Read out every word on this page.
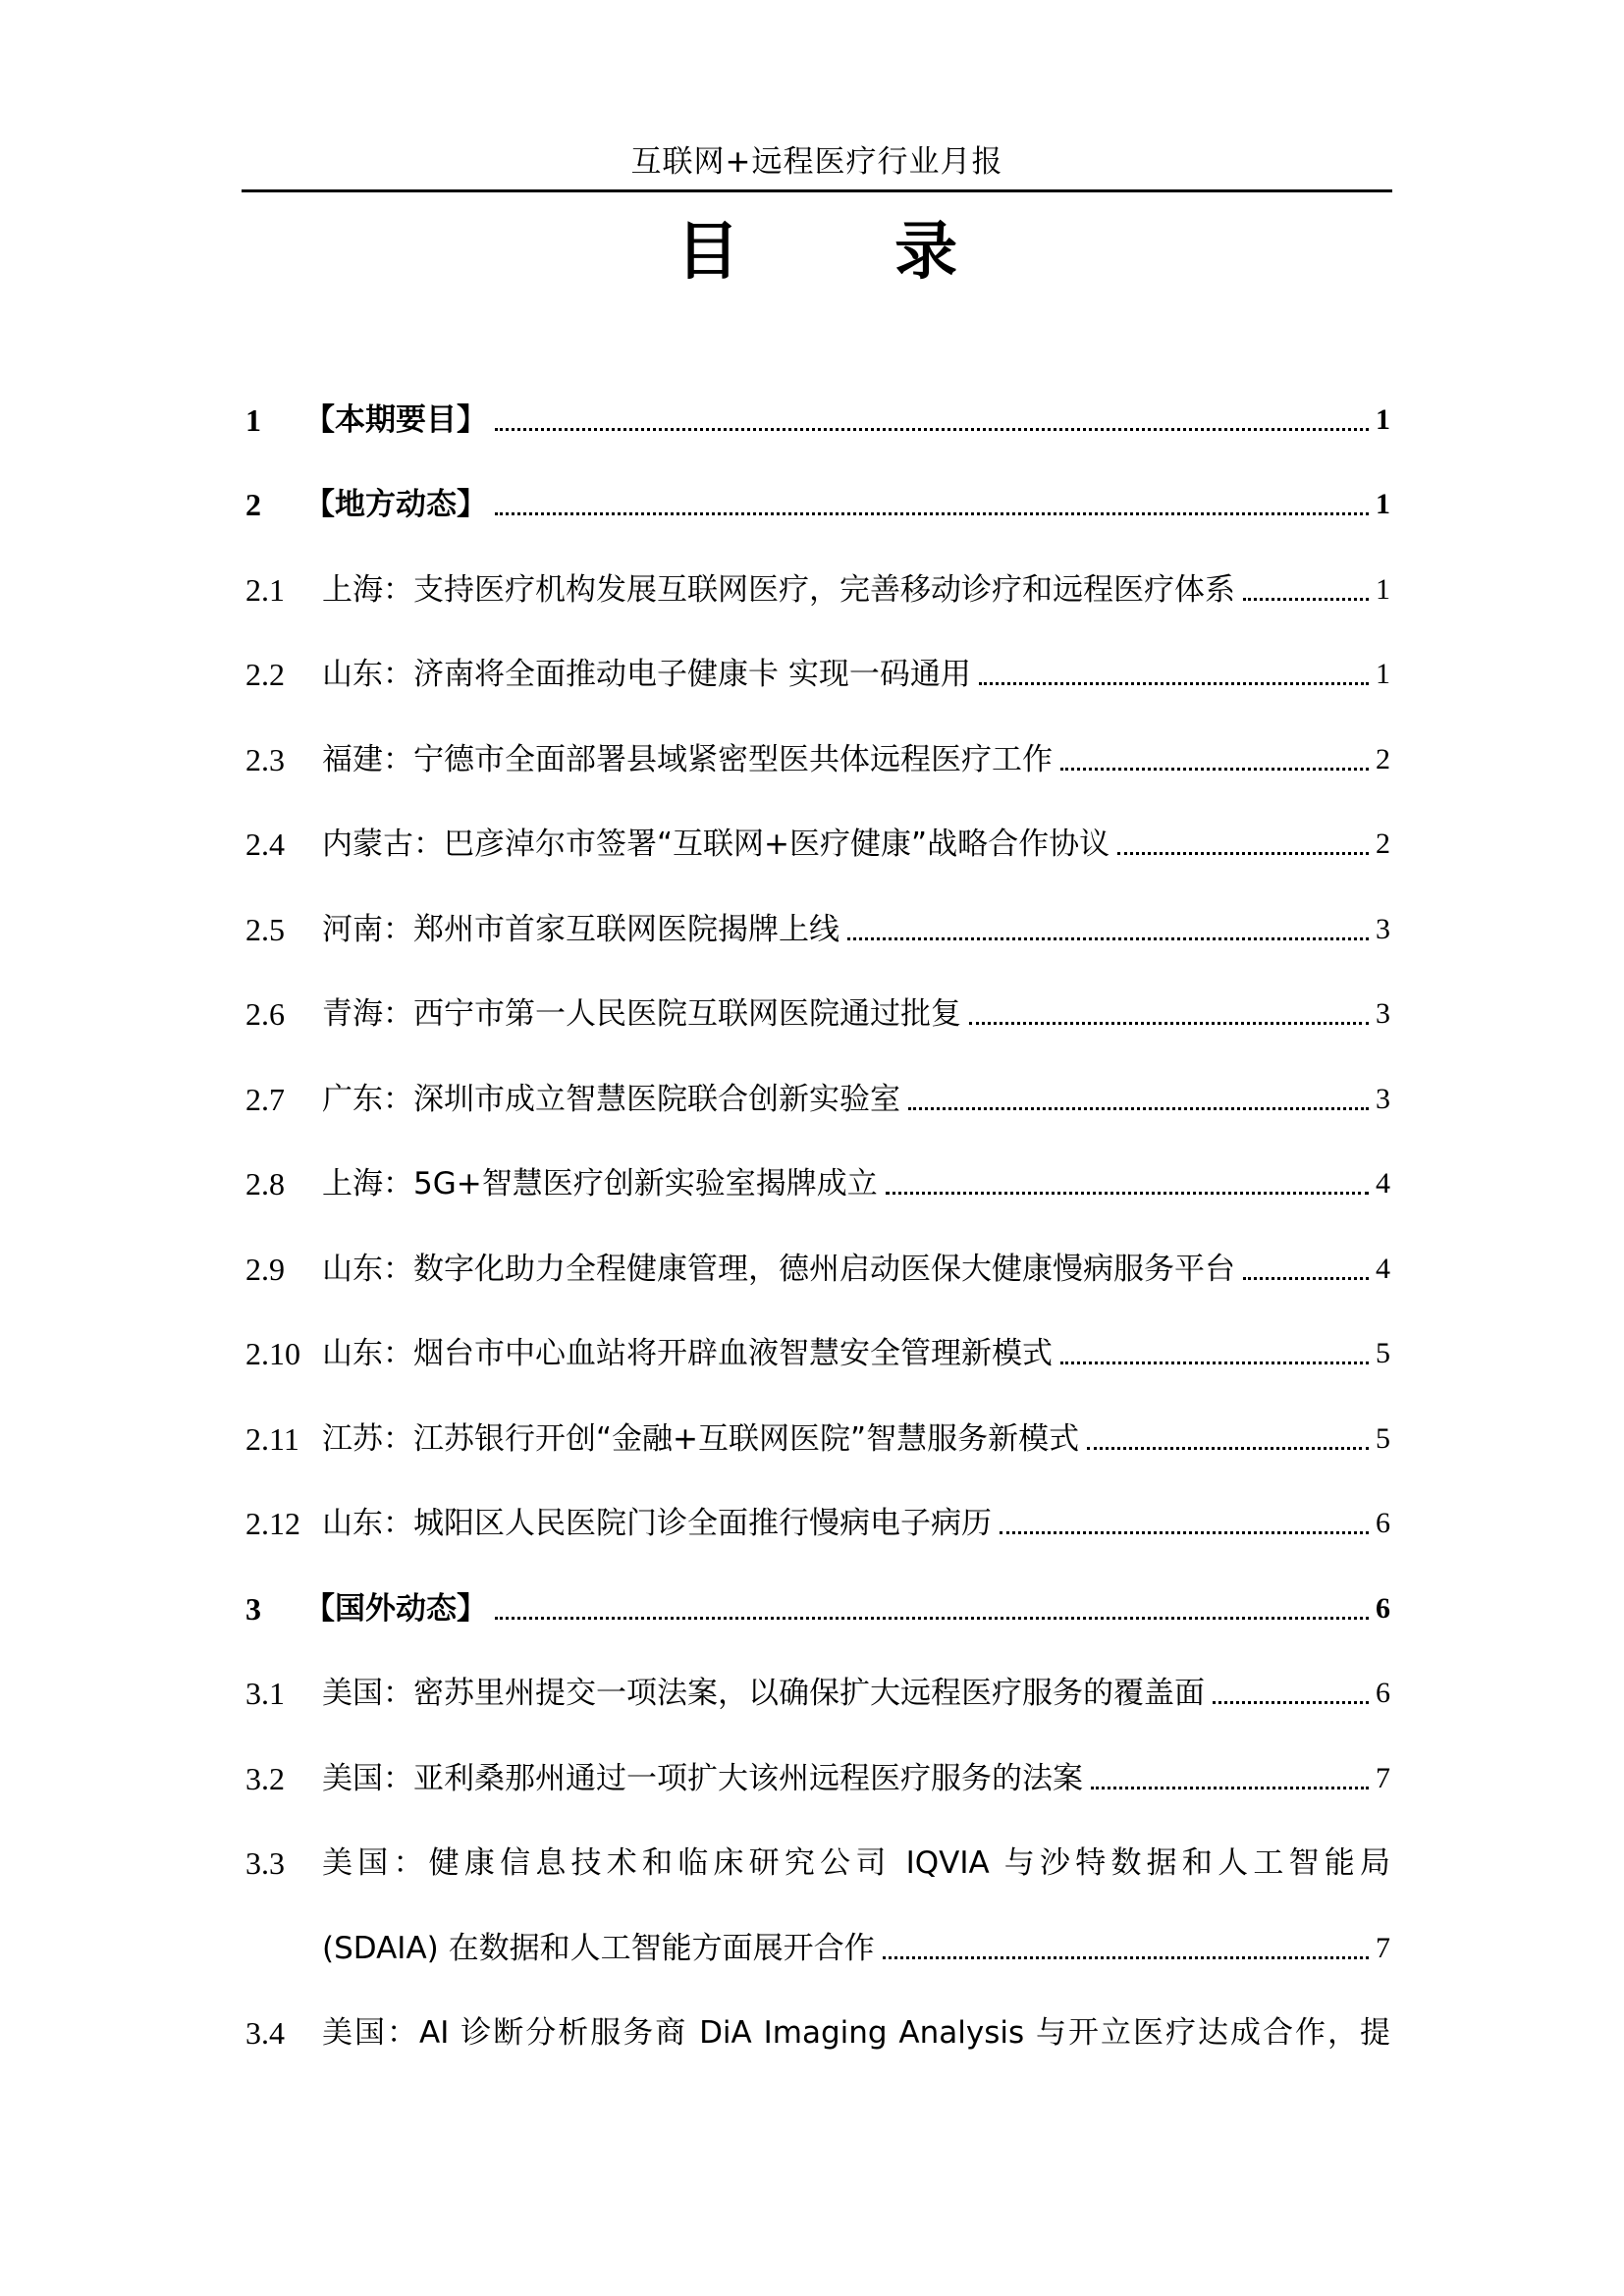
互联网+远程医疗行业月报
目 录
1	【本期要目】	1
2	【地方动态】	1
2.1	上海：支持医疗机构发展互联网医疗，完善移动诊疗和远程医疗体系	1
2.2	山东：济南将全面推动电子健康卡 实现一码通用	1
2.3	福建：宁德市全面部署县域紧密型医共体远程医疗工作	2
2.4	内蒙古：巴彦淖尔市签署“互联网+医疗健康”战略合作协议	2
2.5	河南：郑州市首家互联网医院揭牌上线	3
2.6	青海：西宁市第一人民医院互联网医院通过批复	3
2.7	广东：深圳市成立智慧医院联合创新实验室	3
2.8	上海：5G+智慧医疗创新实验室揭牌成立	4
2.9	山东：数字化助力全程健康管理，德州启动医保大健康慢病服务平台	4
2.10 山东：烟台市中心血站将开辟血液智慧安全管理新模式	5
2.11 江苏：江苏银行开创“金融+互联网医院”智慧服务新模式	5
2.12 山东：城阳区人民医院门诊全面推行慢病电子病历	6
3	【国外动态】	6
3.1	美国：密苏里州提交一项法案，以确保扩大远程医疗服务的覆盖面	6
3.2	美国：亚利桑那州通过一项扩大该州远程医疗服务的法案	7
3.3	美国：健康信息技术和临床研究公司 IQVIA 与沙特数据和人工智能局
(SDAIA) 在数据和人工智能方面展开合作	7
3.4	美国：AI 诊断分析服务商 DiA Imaging Analysis 与开立医疗达成合作，提
